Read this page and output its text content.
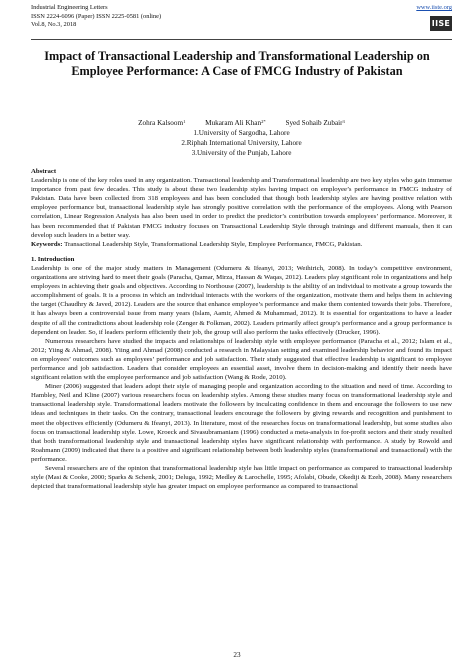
Industrial Engineering Letters
ISSN 2224-6096 (Paper) ISSN 2225-0581 (online)
Vol.8, No.3, 2018
www.iiste.org
IISE
Impact of Transactional Leadership and Transformational Leadership on Employee Performance: A Case of FMCG Industry of Pakistan
Zohra Kalsoom$^1$	Mukaram Ali Khan$^{2*}$	Syed Sohaib Zubair$^3$
1.University of Sargodha, Lahore
2.Riphah International University, Lahore
3.University of the Punjab, Lahore

Abstract

Leadership is one of the key roles used in any organization. Transactional leadership and Transformational leadership are two key styles who gain immense importance from past few decades. This study is about these two leadership styles having impact on employee’s performance in FMCG industry of Pakistan. Data have been collected from 318 employees and has been concluded that though both leadership styles are having positive relation with employee performance but, transactional leadership style has strongly positive correlation with the performance of the employees. Along with Pearson correlation, Linear Regression Analysis has also been used in order to predict the predictor’s contribution towards employees’ performance. Moreover, it has been recommended that if Pakistan FMCG industry focuses on Transactional Leadership Style through trainings and different manuals, then it can develop such leaders in a better way.

Keywords: Transactional Leadership Style, Transformational Leadership Style, Employee Performance, FMCG, Pakistan.

1. Introduction

Leadership is one of the major study matters in Management (Odumeru & Ifeanyi, 2013; Weihirich, 2008). In today’s competitive environment, organizations are striving hard to meet their goals (Paracha, Qamar, Mirza, Hassan & Waqas, 2012). Leaders play significant role in organizations and help employees in achieving their goals and objectives. According to Northouse (2007), leadership is the ability of an individual to motivate a group towards the accomplishment of goals. It is a process in which an individual interacts with the workers of the organization, motivate them and helps them in achieving the target (Chaudhry & Javed, 2012). Leaders are the source that enhance employee’s performance and make them contented towards their jobs. Therefore, it has always been a controversial issue from many years (Islam, Aamir, Ahmed & Muhammad, 2012). It is essential for organizations to have a leader despite of all the contradictions about leadership role (Zenger & Folkman, 2002). Leaders primarily affect group’s performance and a group performance is dependent on leader. So, if leaders perform efficiently their job, the group will also perform the tasks effectively (Drucker, 1996).

Numerous researchers have studied the impacts and relationships of leadership style with employee performance (Paracha et al., 2012; Islam et al., 2012; Yiing & Ahmad, 2008). Yiing and Ahmad (2008) conducted a research in Malaysian setting and examined leadership behavior and found its impact on employees’ outcomes such as employees’ performance and job satisfaction. Their study suggested that effective leadership is significant to employee performance and job satisfaction. Leaders that consider employees an essential asset, involve them in decision-making and identify their needs have significant relation with the employee performance and job satisfaction (Wang & Rode, 2010).

Miner (2006) suggested that leaders adopt their style of managing people and organization according to the situation and need of time. According to Hambley, Neil and Kline (2007) various researchers focus on leadership styles. Among these studies many focus on transformational leadership style and transactional leadership style. Transformational leaders motivate the followers by inculcating confidence in them and encourage the followers to use new ideas and techniques in their tasks. On the contrary, transactional leaders encourage the followers by giving rewards and recognition and punishment to meet the objectives efficiently (Odumeru & Ifeanyi, 2013). In literature, most of the researches focus on transformational leadership, but some studies also focus on transactional leadership style. Lowe, Kroeck and Sivasubramaniam (1996) conducted a meta-analysis in for-profit sectors and their study resulted that both transformational leadership style and transactional leadership styles have significant relationship with performance. A study by Rowold and Roahmann (2009) indicated that there is a positive and significant relationship between both leadership styles (transformational and transactional) with the performance.

Several researchers are of the opinion that transformational leadership style has little impact on performance as compared to transactional leadership style (Masi & Cooke, 2000; Sparks & Schenk, 2001; Deluga, 1992; Medley & Larochelle, 1995; Afolabi, Obude, Okediji & Ezeh, 2008). Many researchers depicted that transformational leadership style has greater impact on employee performance as compared to transactional

23
